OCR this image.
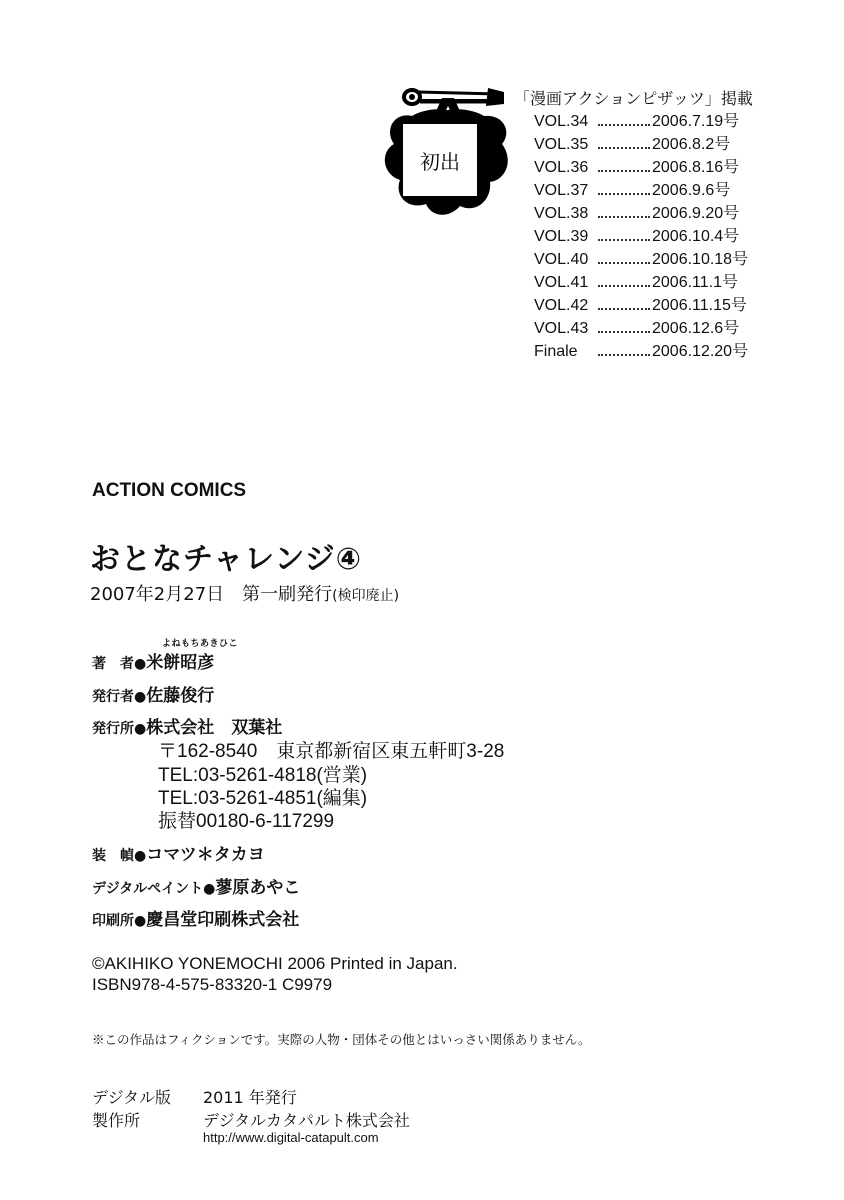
初出
「漫画アクションピザッツ」掲載
VOL.34	2006.7.19号
VOL.35	2006.8.2号
VOL.36	2006.8.16号
VOL.37	2006.9.6号
VOL.38	2006.9.20号
VOL.39	2006.10.4号
VOL.40	2006.10.18号
VOL.41	2006.11.1号
VOL.42	2006.11.15号
VOL.43	2006.12.6号
Finale	2006.12.20号
ACTION COMICS
おとなチャレンジ④
2007年2月27日　第一刷発行(検印廃止)
よねもちあきひこ
著　者●米餅昭彦
発行者●佐藤俊行
発行所●株式会社　双葉社
〒162-8540　東京都新宿区東五軒町3-28
TEL:03-5261-4818(営業)
TEL:03-5261-4851(編集)
振替00180-6-117299
装　幀●コマツ＊タカヨ
デジタルペイント●蓼原あやこ
印刷所●慶昌堂印刷株式会社
©AKIHIKO YONEMOCHI 2006 Printed in Japan.
ISBN978-4-575-83320-1 C9979
※この作品はフィクションです。実際の人物・団体その他とはいっさい関係ありません。
デジタル版 2011 年発行
製作所	デジタルカタパルト株式会社
http://www.digital-catapult.com
